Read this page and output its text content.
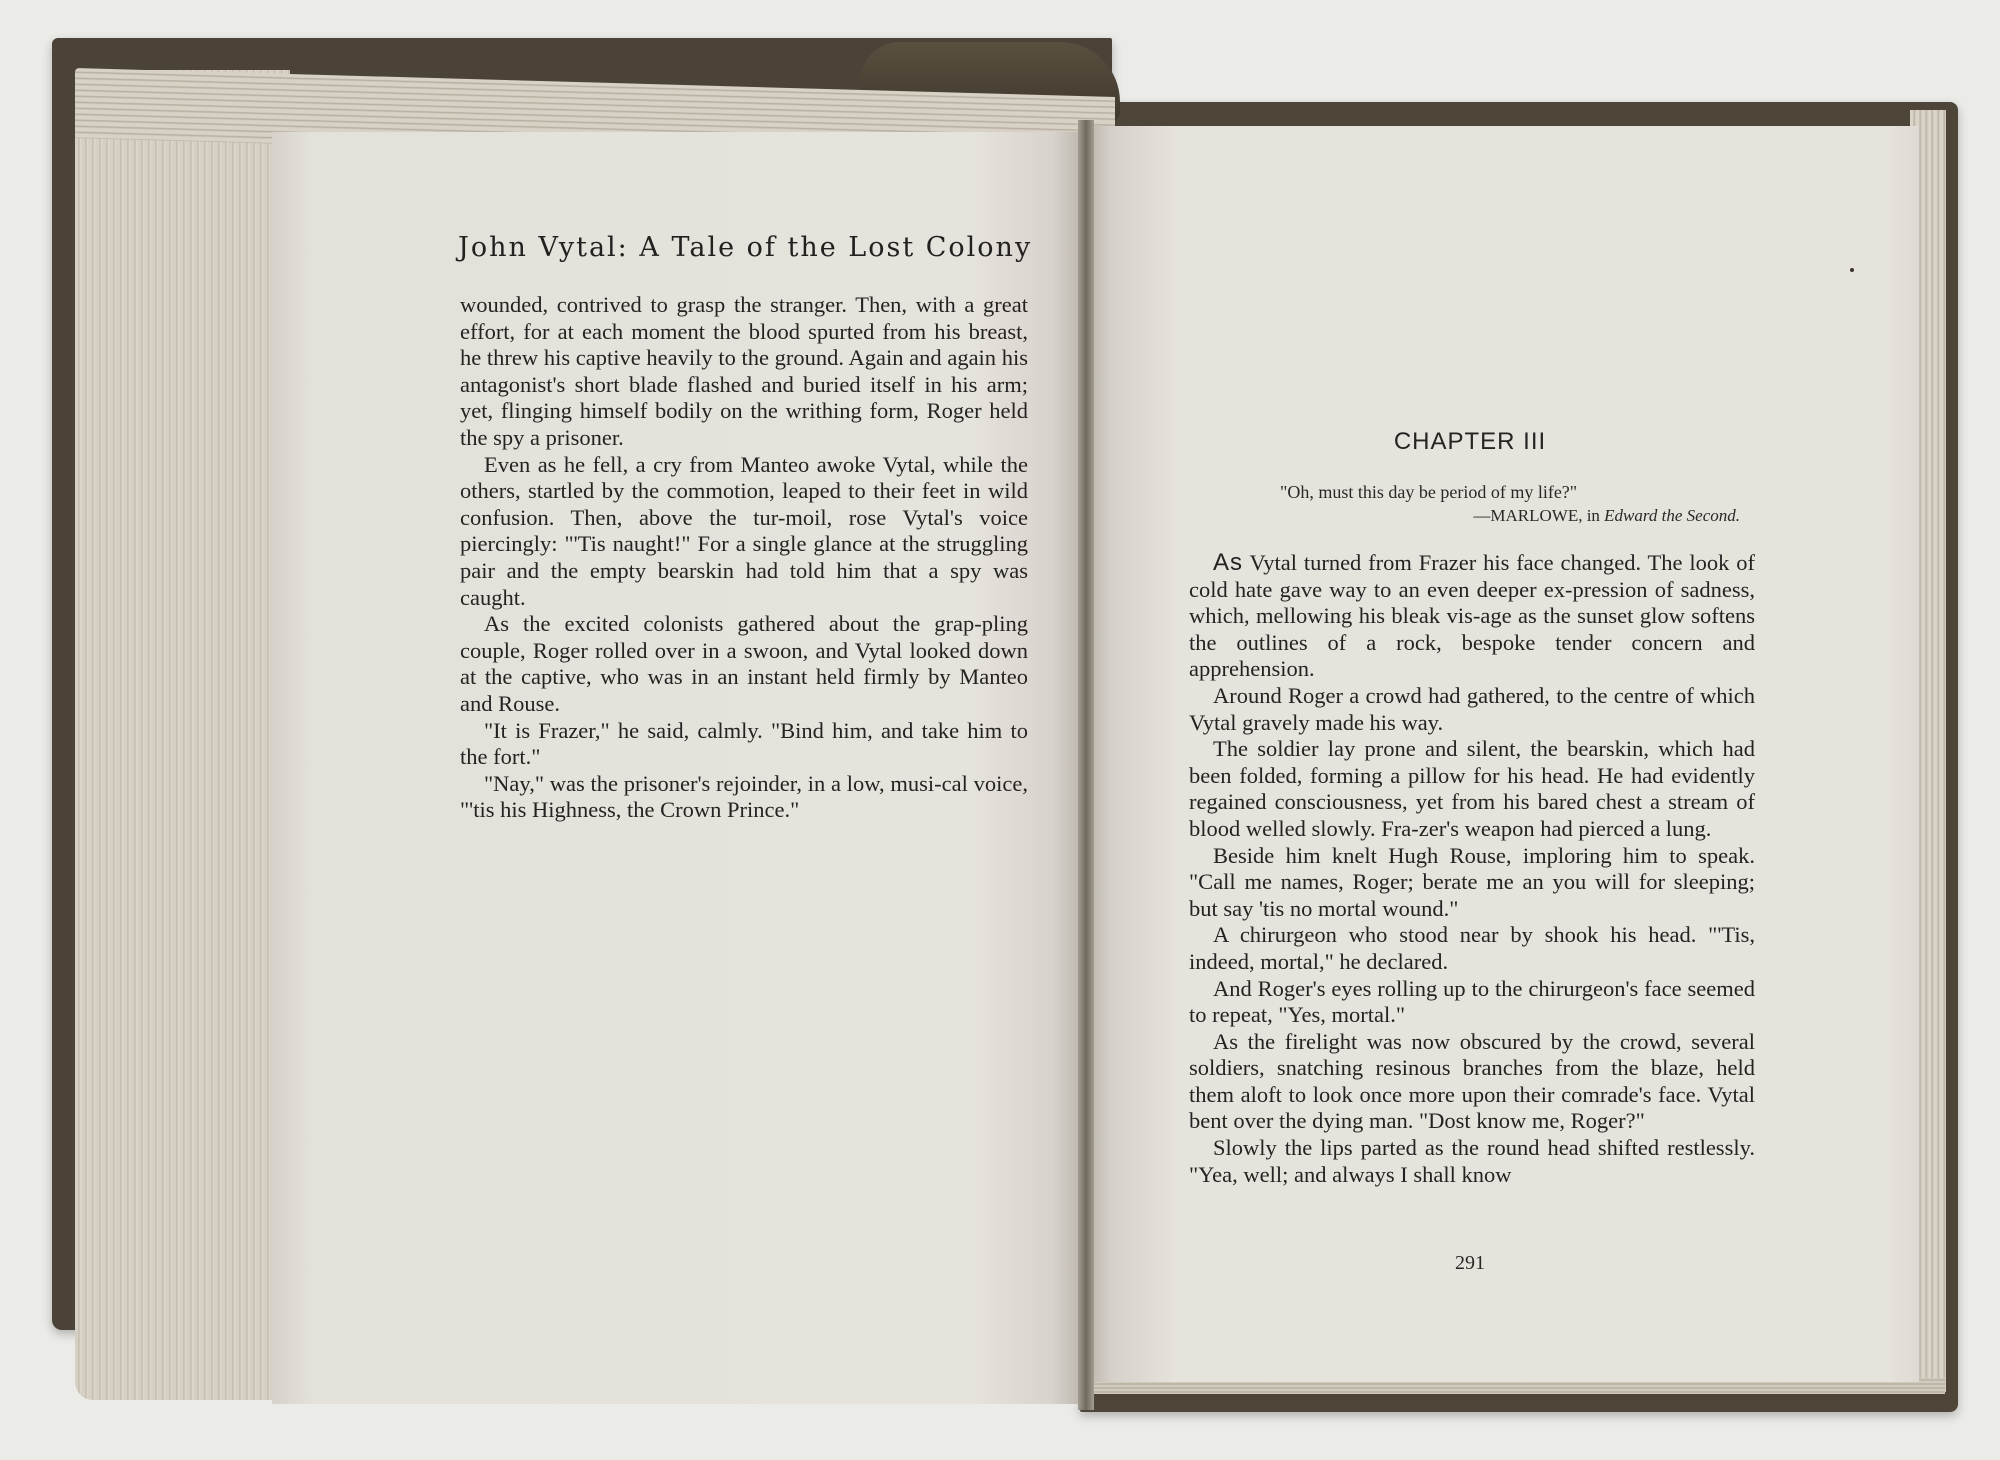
John Vytal: A Tale of the Lost Colony

wounded, contrived to grasp the stranger. Then, with a great effort, for at each moment the blood spurted from his breast, he threw his captive heavily to the ground. Again and again his antagonist's short blade flashed and buried itself in his arm; yet, flinging himself bodily on the writhing form, Roger held the spy a prisoner.

Even as he fell, a cry from Manteo awoke Vytal, while the others, startled by the commotion, leaped to their feet in wild confusion. Then, above the tur-moil, rose Vytal's voice piercingly: "'Tis naught!" For a single glance at the struggling pair and the empty bearskin had told him that a spy was caught.

As the excited colonists gathered about the grap-pling couple, Roger rolled over in a swoon, and Vytal looked down at the captive, who was in an instant held firmly by Manteo and Rouse.

"It is Frazer," he said, calmly. "Bind him, and take him to the fort."

"Nay," was the prisoner's rejoinder, in a low, musi-cal voice, "'tis his Highness, the Crown Prince."

CHAPTER III
"Oh, must this day be period of my life?"
—MARLOWE, in Edward the Second.

As Vytal turned from Frazer his face changed. The look of cold hate gave way to an even deeper ex-pression of sadness, which, mellowing his bleak vis-age as the sunset glow softens the outlines of a rock, bespoke tender concern and apprehension.

Around Roger a crowd had gathered, to the centre of which Vytal gravely made his way.

The soldier lay prone and silent, the bearskin, which had been folded, forming a pillow for his head. He had evidently regained consciousness, yet from his bared chest a stream of blood welled slowly. Fra-zer's weapon had pierced a lung.

Beside him knelt Hugh Rouse, imploring him to speak. "Call me names, Roger; berate me an you will for sleeping; but say 'tis no mortal wound."

A chirurgeon who stood near by shook his head. "'Tis, indeed, mortal," he declared.

And Roger's eyes rolling up to the chirurgeon's face seemed to repeat, "Yes, mortal."

As the firelight was now obscured by the crowd, several soldiers, snatching resinous branches from the blaze, held them aloft to look once more upon their comrade's face. Vytal bent over the dying man. "Dost know me, Roger?"

Slowly the lips parted as the round head shifted restlessly. "Yea, well; and always I shall know

291
